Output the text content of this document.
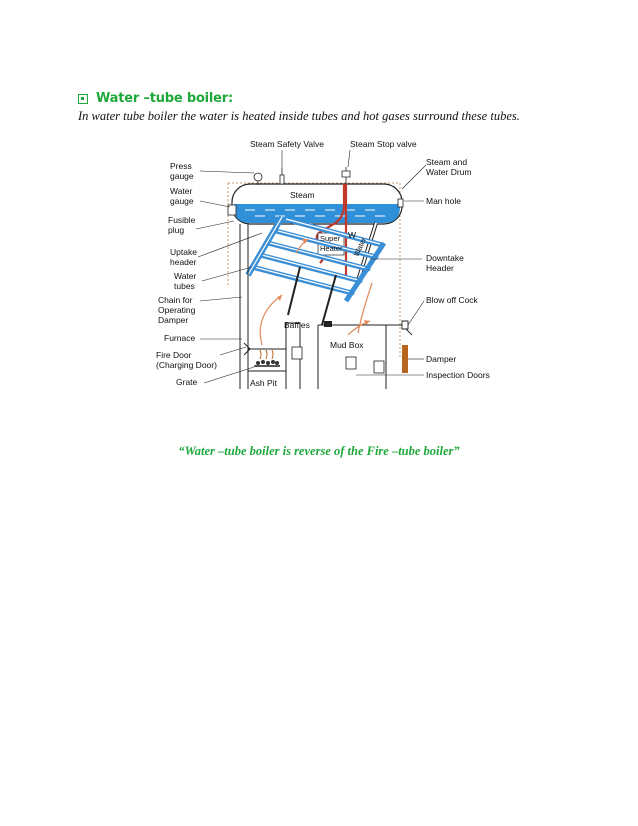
Water –tube boiler:
In water tube boiler the water is heated inside tubes and hot gases surround these tubes.
Steam Safety Valve	Steam Stop valve
Press
gauge
Water
gauge
Fusible
plug
Uptake
header
Water
tubes
Chain for
Operating
Damper
Furnace
Fire Door
(Charging Door)
Grate	Ash Pit
Steam
Super
Heater
W
Water
Baffles
Mud Box
Steam and
Water Drum
Man hole
Downtake
Header
Blow off Cock
Damper
Inspection Doors
“Water –tube boiler is reverse of the Fire –tube boiler”
